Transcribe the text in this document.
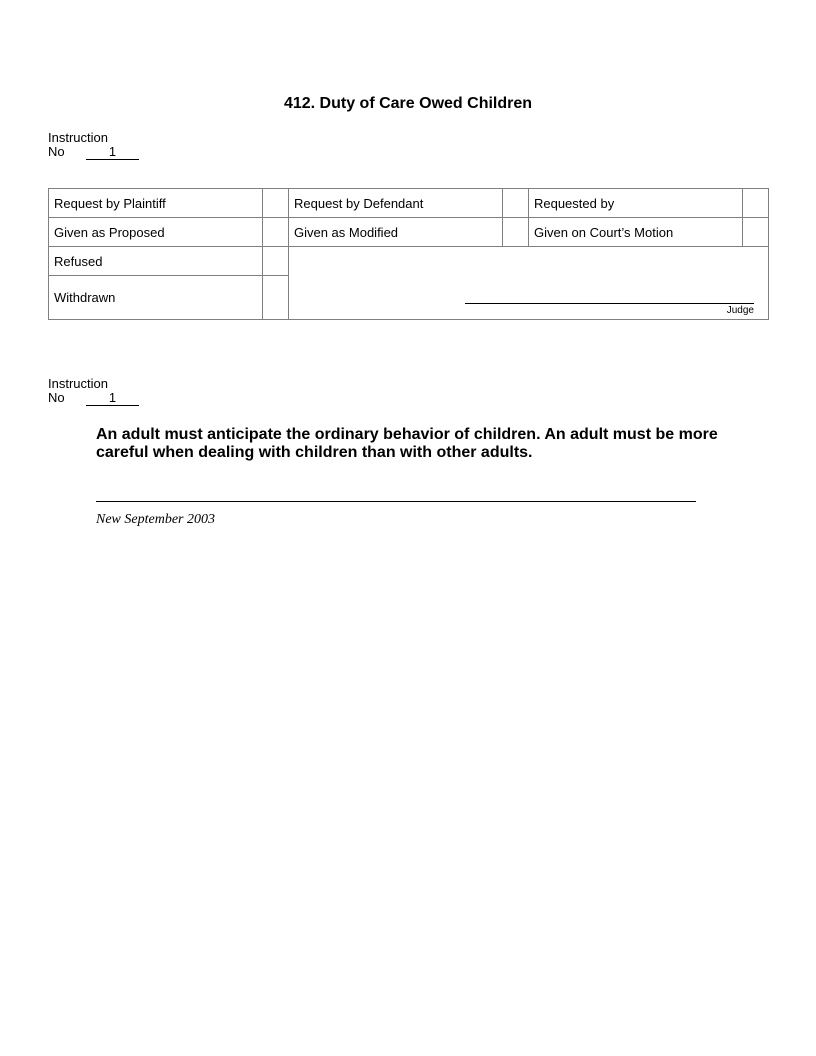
412. Duty of Care Owed Children
Instruction
No	1
Request by Plaintiff		Request by Defendant		Requested by	
Given as Proposed		Given as Modified		Given on Court’s Motion	
Refused		Judge			

Withdrawn					
Instruction
No	1
An adult must anticipate the ordinary behavior of children. An adult must be more careful when dealing with children than with other adults.
New September 2003
